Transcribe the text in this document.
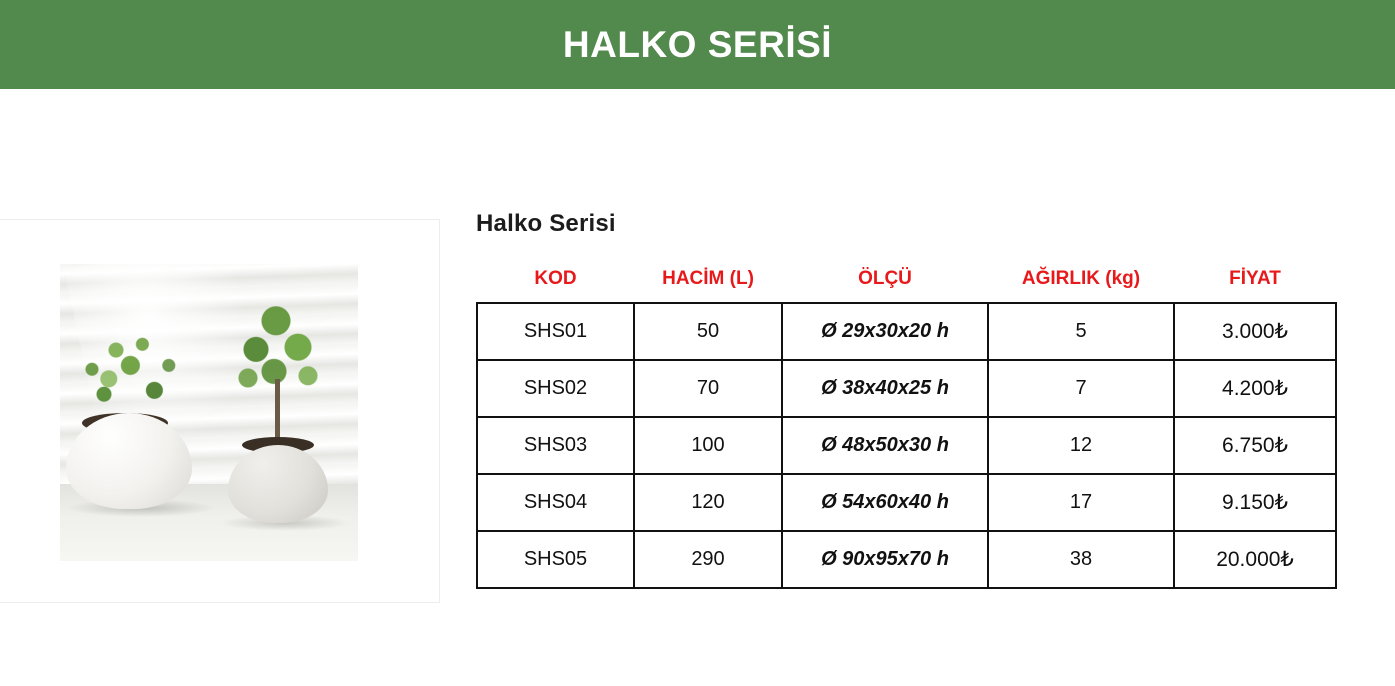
HALKO SERİSİ
Halko Serisi
KOD	HACİM (L)	ÖLÇÜ	AĞIRLIK (kg)	FİYAT
SHS01	50	Ø 29x30x20 h	5	3.000₺
SHS02	70	Ø 38x40x25 h	7	4.200₺
SHS03	100	Ø 48x50x30 h	12	6.750₺
SHS04	120	Ø 54x60x40 h	17	9.150₺
SHS05	290	Ø 90x95x70 h	38	20.000₺
